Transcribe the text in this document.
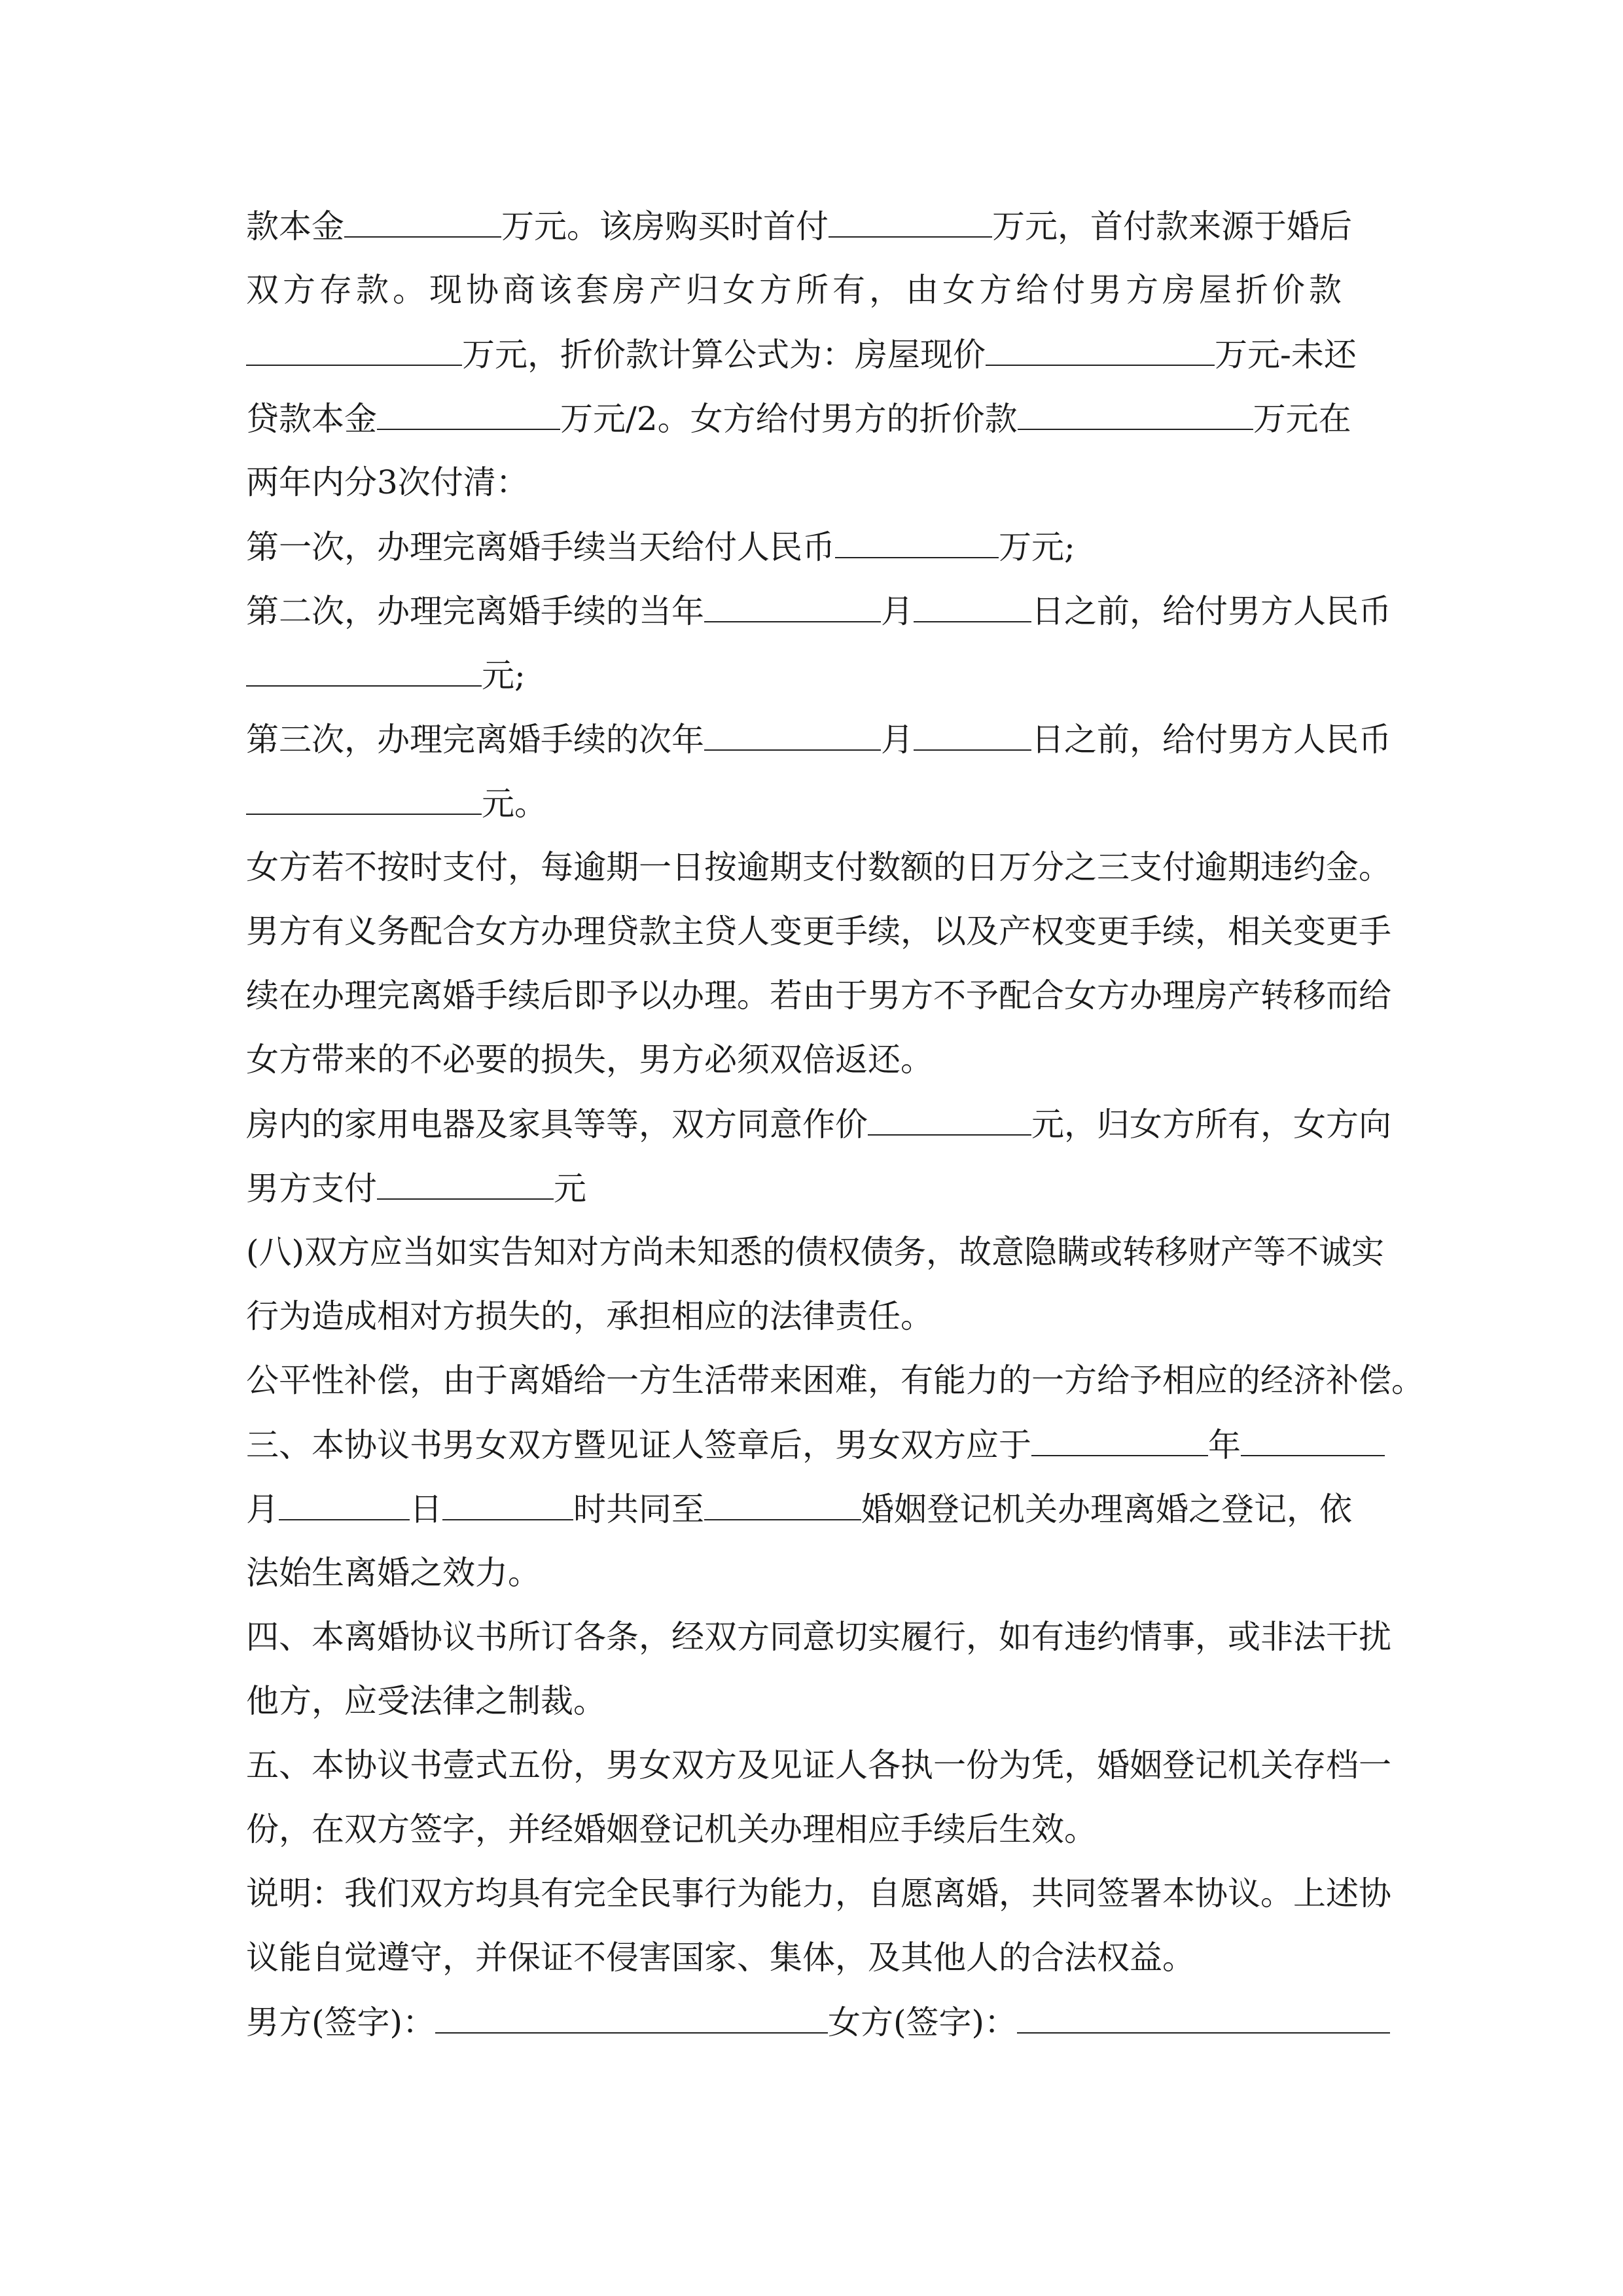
款本金	万元。该房购买时首付	万元，首付款来源于婚后
双方存款。现协商该套房产归女方所有，由女方给付男方房屋折价款
万元，折价款计算公式为：房屋现价	万元-未还
贷款本金	万元/2。女方给付男方的折价款	万元在
两年内分3次付清：
第一次，办理完离婚手续当天给付人民币	万元;
第二次，办理完离婚手续的当年	月	日之前，给付男方人民币
元;
第三次，办理完离婚手续的次年	月	日之前，给付男方人民币
元。
女方若不按时支付，每逾期一日按逾期支付数额的日万分之三支付逾期违约金。
男方有义务配合女方办理贷款主贷人变更手续，以及产权变更手续，相关变更手
续在办理完离婚手续后即予以办理。若由于男方不予配合女方办理房产转移而给
女方带来的不必要的损失，男方必须双倍返还。
房内的家用电器及家具等等，双方同意作价	元，归女方所有，女方向
男方支付	元
(八)双方应当如实告知对方尚未知悉的债权债务，故意隐瞒或转移财产等不诚实
行为造成相对方损失的，承担相应的法律责任。
公平性补偿，由于离婚给一方生活带来困难，有能力的一方给予相应的经济补偿。
三、本协议书男女双方暨见证人签章后，男女双方应于	年
月	日	时共同至	婚姻登记机关办理离婚之登记，依
法始生离婚之效力。
四、本离婚协议书所订各条，经双方同意切实履行，如有违约情事，或非法干扰
他方，应受法律之制裁。
五、本协议书壹式五份，男女双方及见证人各执一份为凭，婚姻登记机关存档一
份，在双方签字，并经婚姻登记机关办理相应手续后生效。
说明：我们双方均具有完全民事行为能力，自愿离婚，共同签署本协议。上述协
议能自觉遵守，并保证不侵害国家、集体，及其他人的合法权益。
男方(签字)：	女方(签字)：
